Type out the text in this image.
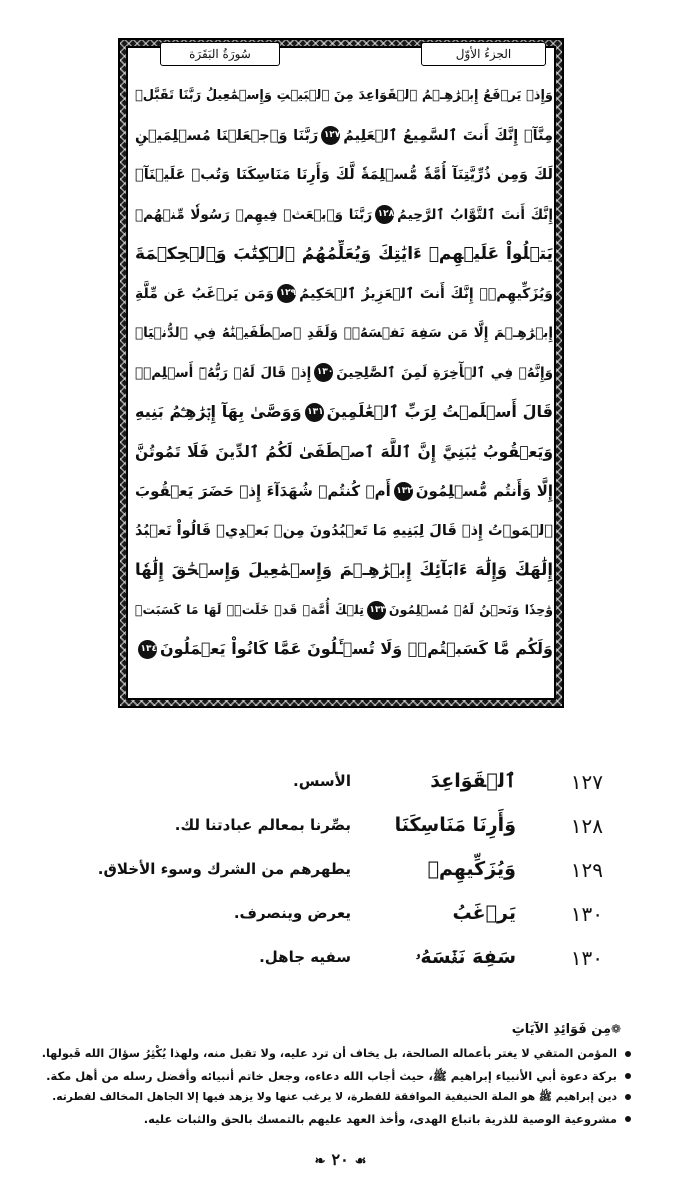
الجزءُ الأوّل
سُورَةُ البَقَرَة
وَإِذۡ يَرۡفَعُ إِبۡرَٰهِـۧمُ ٱلۡقَوَاعِدَ مِنَ ٱلۡبَيۡتِ وَإِسۡمَٰعِيلُ رَبَّنَا تَقَبَّلۡ
مِنَّآۖ إِنَّكَ أَنتَ ٱلسَّمِيعُ ٱلۡعَلِيمُ١٢٧رَبَّنَا وَٱجۡعَلۡنَا مُسۡلِمَيۡنِ
لَكَ وَمِن ذُرِّيَّتِنَآ أُمَّةٗ مُّسۡلِمَةٗ لَّكَ وَأَرِنَا مَنَاسِكَنَا وَتُبۡ عَلَيۡنَآۖ
إِنَّكَ أَنتَ ٱلتَّوَّابُ ٱلرَّحِيمُ١٢٨رَبَّنَا وَٱبۡعَثۡ فِيهِمۡ رَسُولٗا مِّنۡهُمۡ
يَتۡلُواْ عَلَيۡهِمۡ ءَايَٰتِكَ وَيُعَلِّمُهُمُ ٱلۡكِتَٰبَ وَٱلۡحِكۡمَةَ
وَيُزَكِّيهِمۡۖ إِنَّكَ أَنتَ ٱلۡعَزِيزُ ٱلۡحَكِيمُ١٢٩وَمَن يَرۡغَبُ عَن مِّلَّةِ
إِبۡرَٰهِـۧمَ إِلَّا مَن سَفِهَ نَفۡسَهُۥۚ وَلَقَدِ ٱصۡطَفَيۡنَٰهُ فِي ٱلدُّنۡيَاۖ
وَإِنَّهُۥ فِي ٱلۡأٓخِرَةِ لَمِنَ ٱلصَّٰلِحِينَ١٣٠إِذۡ قَالَ لَهُۥ رَبُّهُۥٓ أَسۡلِمۡۖ
قَالَ أَسۡلَمۡتُ لِرَبِّ ٱلۡعَٰلَمِينَ١٣١وَوَصَّىٰ بِهَآ إِبۡرَٰهِـۧمُ بَنِيهِ
وَيَعۡقُوبُ يَٰبَنِيَّ إِنَّ ٱللَّهَ ٱصۡطَفَىٰ لَكُمُ ٱلدِّينَ فَلَا تَمُوتُنَّ
إِلَّا وَأَنتُم مُّسۡلِمُونَ١٣٢أَمۡ كُنتُمۡ شُهَدَآءَ إِذۡ حَضَرَ يَعۡقُوبَ
ٱلۡمَوۡتُ إِذۡ قَالَ لِبَنِيهِ مَا تَعۡبُدُونَ مِنۢ بَعۡدِيۖ قَالُواْ نَعۡبُدُ
إِلَٰهَكَ وَإِلَٰهَ ءَابَآئِكَ إِبۡرَٰهِـۧمَ وَإِسۡمَٰعِيلَ وَإِسۡحَٰقَ إِلَٰهٗا
وَٰحِدٗا وَنَحۡنُ لَهُۥ مُسۡلِمُونَ١٣٣تِلۡكَ أُمَّةٞ قَدۡ خَلَتۡۖ لَهَا مَا كَسَبَتۡ
وَلَكُم مَّا كَسَبۡتُمۡۖ وَلَا تُسۡـَٔلُونَ عَمَّا كَانُواْ يَعۡمَلُونَ١٣٤
١٢٧
ٱلۡقَوَاعِدَ
الأسس.
١٢٨
وَأَرِنَا مَنَاسِكَنَا
بصِّرنا بمعالم عبادتنا لك.
١٢٩
وَيُزَكِّيهِمۡ
يطهرهم من الشرك وسوء الأخلاق.
١٣٠
يَرۡغَبُ
يعرض وينصرف.
١٣٠
سَفِهَ نَفۡسَهُۥ
سفيه جاهل.
❁
مِن فَوَائِدِ الآيَاتِ
المؤمن المتقي لا يغتر بأعماله الصالحة، بل يخاف أن ترد عليه، ولا تقبل منه، ولهذا يُكْثِرُ سؤالَ الله قَبولها.
بركة دعوة أبي الأنبياء إبراهيم ﷺ، حيث أجاب الله دعاءه، وجعل خاتم أنبيائه وأفضل رسله من أهل مكة.
دين إبراهيم ﷺ هو الملة الحنيفية الموافقة للفطرة، لا يرغب عنها ولا يزهد فيها إلا الجاهل المخالف لفطرته.
مشروعية الوصية للذرية باتباع الهدى، وأخذ العهد عليهم بالتمسك بالحق والثبات عليه.
❧ ٢٠ ☙
